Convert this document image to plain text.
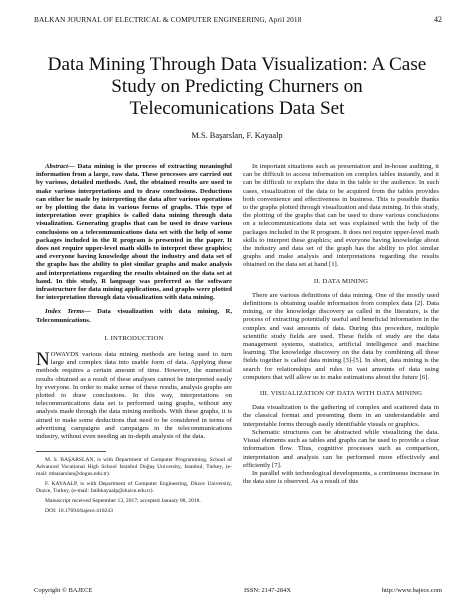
BALKAN JOURNAL OF ELECTRICAL & COMPUTER ENGINEERING, April 2018	42
Data Mining Through Data Visualization: A Case Study on Predicting Churners on Telecomunications Data Set
M.S. Başarslan, F. Kayaalp

Abstract— Data mining is the process of extracting meaningful information from a large, raw data. These processes are carried out by various, detailed methods. And, the obtained results are used to make various interpretations and to draw conclusions. Deductions can either be made by interpreting the data after various operations or by plotting the data in various forms of graphs. This type of interpretation over graphics is called data mining through data visualization. Generating graphs that can be used to draw various conclusions on a telecommunications data set with the help of some packages included in the R program is presented in the paper. It does not require upper-level math skills to interpret these graphics; and everyone having knowledge about the industry and data set of the graphs has the ability to plot similar graphs and make analysis and interpretations regarding the results obtained on the data set at hand. In this study, R language was preferred as the software infrastructure for data mining applications, and graphs were plotted for interpretation through data visualization with data mining.

Index Terms— Data visualization with data mining, R, Telecomunications.

I. INTRODUCTION

NOWAYDS various data mining methods are being used to turn large and complex data into usable form of data. Applying these methods requires a certain amount of time. However, the numerical results obtained as a result of these analyses cannot be interpreted easily by everyone. In order to make sense of these results, analysis graphs are plotted to draw conclusions. In this way, interpretations on telecommunications data set is performed using graphs, without any analysis made through the data mining methods. With these graphs, it is aimed to make some deductions that need to be considered in terms of advertising campaigns and campaigns in the telecommunications industry, without even needing an in-depth analysis of the data.

M. S. BAŞARSLAN, is with Department of Computer Programming, School of Advanced Vocational High School Istanbul Doğuş University, Istanbul, Turkey, (e-mail: mbasarslan@dogus.edu.tr).

F. KAYAALP, is with Department of Computer Engineering, Düzce University, Duzce, Turkey, (e-mail: fatihkayaalp@duzce.edu.tr).

Manuscript received September 13, 2017; accepted January 08, 2018.

DOI: 10.17694/bajece.410243

In important situations such as presentation and in-house auditing, it can be difficult to access information on complex tables instantly, and it can be difficult to explain the data in the table to the audience. In such cases, visualization of the data to be acquired from the tables provides both convenience and effectiveness in business. This is possible thanks to the graphs plotted through visualization and data mining. In this study, the plotting of the graphs that can be used to draw various conclusions on a telecommunications data set was explained with the help of the packages included in the R program. It does not require upper-level math skills to interpret these graphics; and everyone having knowledge about the industry and data set of the graph has the ability to plot similar graphs and make analysis and interpretations regarding the results obtained on the data set at hand [1].

II. DATA MINING

There are various definitions of data mining. One of the mostly used definitions is obtaining usable information from complex data [2]. Data mining, or the knowledge discovery as called in the literature, is the process of extracting potentially useful and beneficial information in the complex and vast amounts of data. During this procedure, multiple scientific study fields are used. These fields of study are the data management systems, statistics, artificial intelligence and machine learning. The knowledge discovery on the data by combining all these fields together is called data mining [3]-[5]. In short, data mining is the search for relationships and rules in vast amounts of data using computers that will allow us to make estimations about the future [6].

III. VISUALIZATION OF DATA WITH DATA MINING

Data visualization is the gathering of complex and scattered data in the classical format and presenting them in an understandable and interpretable forms through easily identifiable visuals or graphics.

Schematic structures can be abstracted while visualizing the data. Visual elements such as tables and graphs can be used to provide a clear information flow. Thus, cognitive processes such as comparison, interpretation and analysis can be performed more effectively and efficiently [7].

In parallel with technological developments, a continuous increase in the data size is observed. As a result of this

Copyright © BAJECE	ISSN: 2147-284X	http://www.bajece.com
